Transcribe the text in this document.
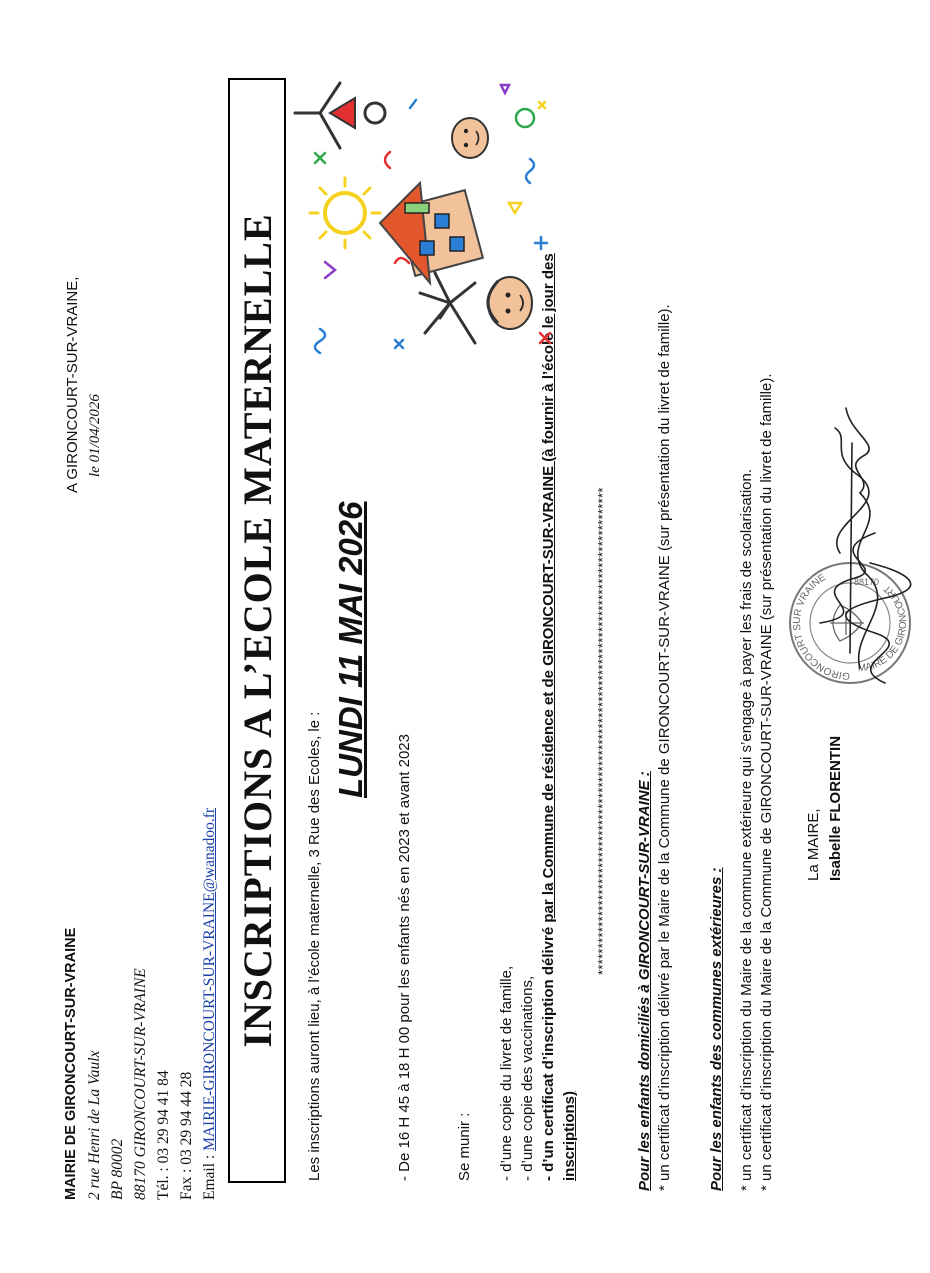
MAIRIE DE GIRONCOURT-SUR-VRAINE 2 rue Henri de La Vaulx BP 80002 88170 GIRONCOURT-SUR-VRAINE Tél. : 03 29 94 41 84 Fax : 03 29 94 44 28 Email : MAIRIE-GIRONCOURT-SUR-VRAINE@wanadoo.fr
A GIRONCOURT-SUR-VRAINE, le 01/04/2026	INSCRIPTIONS A L’ECOLE MATERNELLE Les inscriptions auront lieu, à l’école maternelle, 3 Rue des Ecoles, le :
LUNDI 11 MAI 2026
- De 16 H 45 à 18 H 00 pour les enfants nés en 2023 et avant 2023	Se munir : - d’une copie du livret de famille, - d’une copie des vaccinations, - d’un certificat d’inscription délivré par la Commune de résidence et de GIRONCOURT-SUR-VRAINE (à fournir à l’école le jour des
inscriptions)
*******************************************************************************************
Pour les enfants domiciliés à GIRONCOURT-SUR-VRAINE : * un certificat d’inscription délivré par le Maire de la Commune de GIRONCOURT-SUR-VRAINE (sur présentation du livret de famille). Pour les enfants des communes extérieures : * un certificat d’inscription du Maire de la commune extérieure qui s’engage à payer les frais de scolarisation. * un certificat d’inscription du Maire de la Commune de GIRONCOURT-SUR-VRAINE (sur présentation du livret de famille). La MAIRE, Isabelle FLORENTIN
GIRONCOURT SUR VRAINE
MAIRE DE GIRONCOURT
88170
